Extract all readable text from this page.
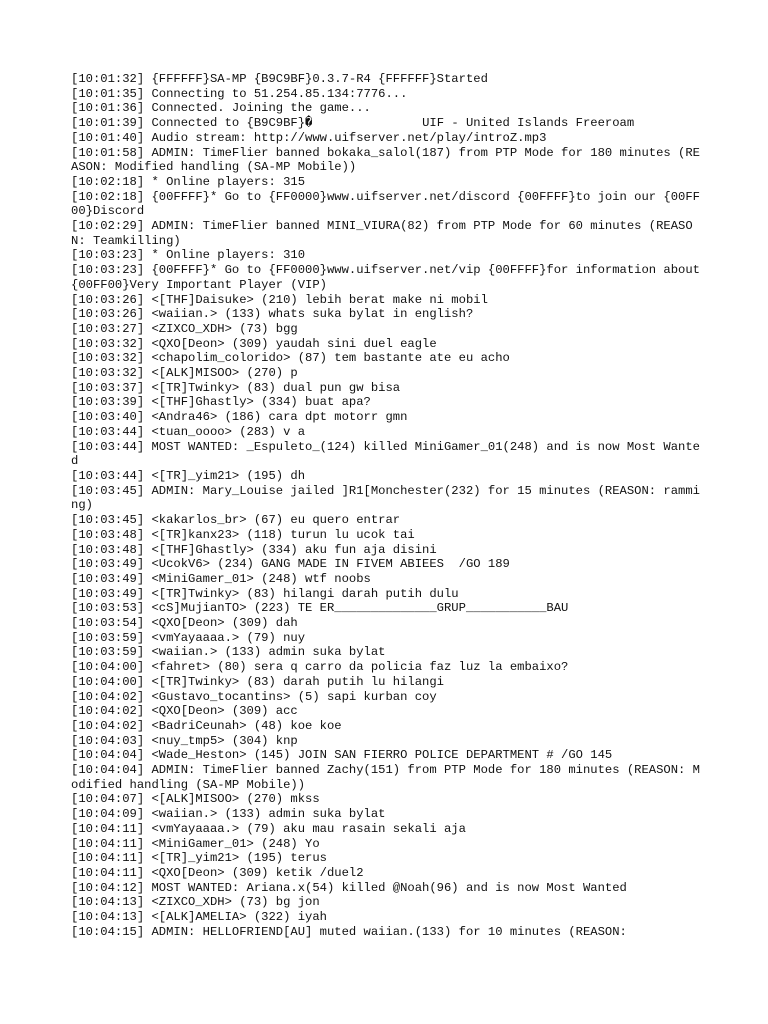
[10:01:32] {FFFFFF}SA-MP {B9C9BF}0.3.7-R4 {FFFFFF}Started
[10:01:35] Connecting to 51.254.85.134:7776...
[10:01:36] Connected. Joining the game...
[10:01:39] Connected to {B9C9BF}�               UIF - United Islands Freeroam
[10:01:40] Audio stream: http://www.uifserver.net/play/introZ.mp3
[10:01:58] ADMIN: TimeFlier banned bokaka_salol(187) from PTP Mode for 180 minutes (REASON: Modified handling (SA-MP Mobile))
[10:02:18] * Online players: 315
[10:02:18] {00FFFF}* Go to {FF0000}www.uifserver.net/discord {00FFFF}to join our {00FF00}Discord
[10:02:29] ADMIN: TimeFlier banned MINI_VIURA(82) from PTP Mode for 60 minutes (REASON: Teamkilling)
[10:03:23] * Online players: 310
[10:03:23] {00FFFF}* Go to {FF0000}www.uifserver.net/vip {00FFFF}for information about {00FF00}Very Important Player (VIP)
[10:03:26] <[THF]Daisuke> (210) lebih berat make ni mobil
[10:03:26] <waiian.> (133) whats suka bylat in english?
[10:03:27] <ZIXCO_XDH> (73) bgg
[10:03:32] <QXO[Deon> (309) yaudah sini duel eagle
[10:03:32] <chapolim_colorido> (87) tem bastante ate eu acho
[10:03:32] <[ALK]MISOO> (270) p
[10:03:37] <[TR]Twinky> (83) dual pun gw bisa
[10:03:39] <[THF]Ghastly> (334) buat apa?
[10:03:40] <Andra46> (186) cara dpt motorr gmn
[10:03:44] <tuan_oooo> (283) v a
[10:03:44] MOST WANTED: _Espuleto_(124) killed MiniGamer_01(248) and is now Most Wanted
[10:03:44] <[TR]_yim21> (195) dh
[10:03:45] ADMIN: Mary_Louise jailed ]R1[Monchester(232) for 15 minutes (REASON: ramming)
[10:03:45] <kakarlos_br> (67) eu quero entrar
[10:03:48] <[TR]kanx23> (118) turun lu ucok tai
[10:03:48] <[THF]Ghastly> (334) aku fun aja disini
[10:03:49] <UcokV6> (234) GANG MADE IN FIVEM ABIEES  /GO 189
[10:03:49] <MiniGamer_01> (248) wtf noobs
[10:03:49] <[TR]Twinky> (83) hilangi darah putih dulu
[10:03:53] <cS]MujianTO> (223) TE ER______________GRUP___________BAU
[10:03:54] <QXO[Deon> (309) dah
[10:03:59] <vmYayaaaa.> (79) nuy
[10:03:59] <waiian.> (133) admin suka bylat
[10:04:00] <fahret> (80) sera q carro da policia faz luz la embaixo?
[10:04:00] <[TR]Twinky> (83) darah putih lu hilangi
[10:04:02] <Gustavo_tocantins> (5) sapi kurban coy
[10:04:02] <QXO[Deon> (309) acc
[10:04:02] <BadriCeunah> (48) koe koe
[10:04:03] <nuy_tmp5> (304) knp
[10:04:04] <Wade_Heston> (145) JOIN SAN FIERRO POLICE DEPARTMENT # /GO 145
[10:04:04] ADMIN: TimeFlier banned Zachy(151) from PTP Mode for 180 minutes (REASON: Modified handling (SA-MP Mobile))
[10:04:07] <[ALK]MISOO> (270) mkss
[10:04:09] <waiian.> (133) admin suka bylat
[10:04:11] <vmYayaaaa.> (79) aku mau rasain sekali aja
[10:04:11] <MiniGamer_01> (248) Yo
[10:04:11] <[TR]_yim21> (195) terus
[10:04:11] <QXO[Deon> (309) ketik /duel2
[10:04:12] MOST WANTED: Ariana.x(54) killed @Noah(96) and is now Most Wanted
[10:04:13] <ZIXCO_XDH> (73) bg jon
[10:04:13] <[ALK]AMELIA> (322) iyah
[10:04:15] ADMIN: HELLOFRIEND[AU] muted waiian.(133) for 10 minutes (REASON:
